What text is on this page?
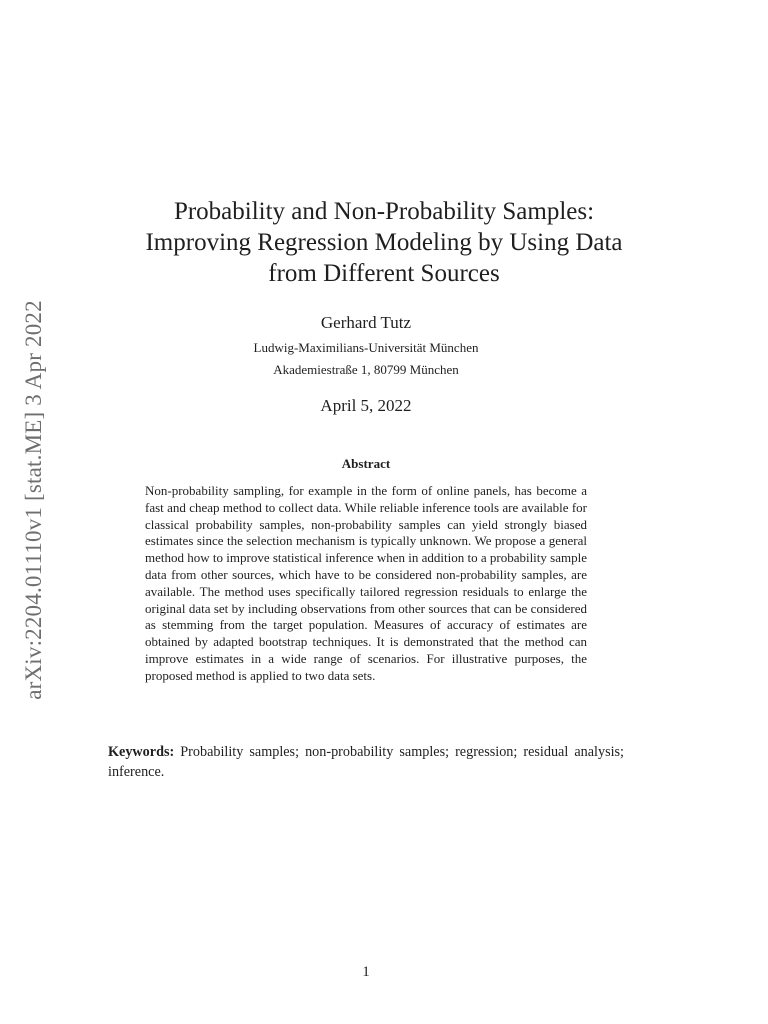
arXiv:2204.01110v1 [stat.ME] 3 Apr 2022
Probability and Non-Probability Samples:
Improving Regression Modeling by Using Data
from Different Sources
Gerhard Tutz
Ludwig-Maximilians-Universität München
Akademiestraße 1, 80799 München
April 5, 2022
Abstract
Non-probability sampling, for example in the form of online panels, has become a fast and cheap method to collect data. While reliable inference tools are available for classical probability samples, non-probability samples can yield strongly biased estimates since the selection mechanism is typically unknown. We propose a general method how to improve statistical inference when in addition to a probability sample data from other sources, which have to be considered non-probability samples, are available. The method uses specifically tailored regression residuals to enlarge the original data set by including observations from other sources that can be considered as stemming from the target population. Measures of accuracy of estimates are obtained by adapted bootstrap techniques. It is demonstrated that the method can improve estimates in a wide range of scenarios. For illustrative purposes, the proposed method is applied to two data sets.
Keywords: Probability samples; non-probability samples; regression; residual analysis; inference.
1
